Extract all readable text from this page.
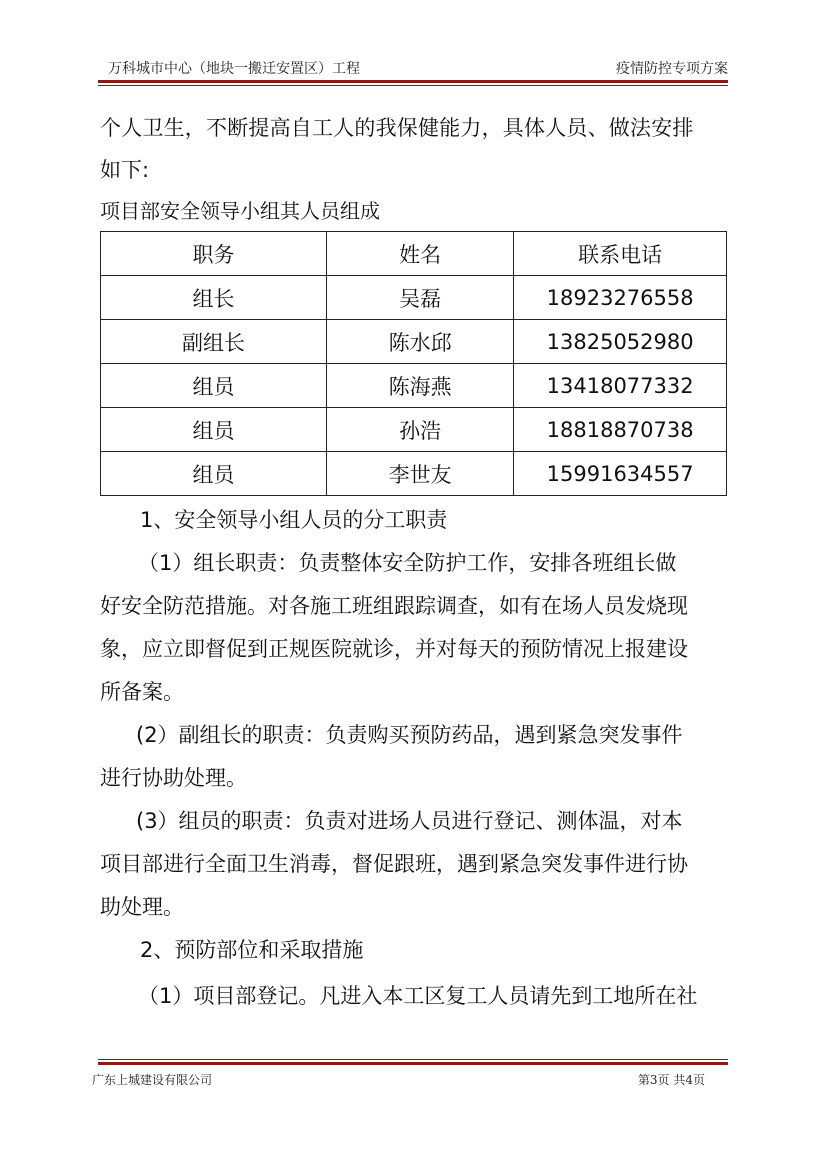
万科城市中心（地块一搬迁安置区）工程	疫情防控专项方案
个人卫生，不断提高自工人的我保健能力，具体人员、做法安排
如下:
项目部安全领导小组其人员组成
职务	姓名	联系电话
组长	吴磊	18923276558
副组长	陈水邱	13825052980
组员	陈海燕	13418077332
组员	孙浩	18818870738
组员	李世友	15991634557
1、安全领导小组人员的分工职责
（1）组长职责：负责整体安全防护工作，安排各班组长做
好安全防范措施。对各施工班组跟踪调查，如有在场人员发烧现
象，应立即督促到正规医院就诊，并对每天的预防情况上报建设
所备案。
(2）副组长的职责：负责购买预防药品，遇到紧急突发事件
进行协助处理。
(3）组员的职责：负责对进场人员进行登记、测体温，对本
项目部进行全面卫生消毒，督促跟班，遇到紧急突发事件进行协
助处理。
2、预防部位和采取措施
（1）项目部登记。凡进入本工区复工人员请先到工地所在社
广东上城建设有限公司	第3页 共4页
